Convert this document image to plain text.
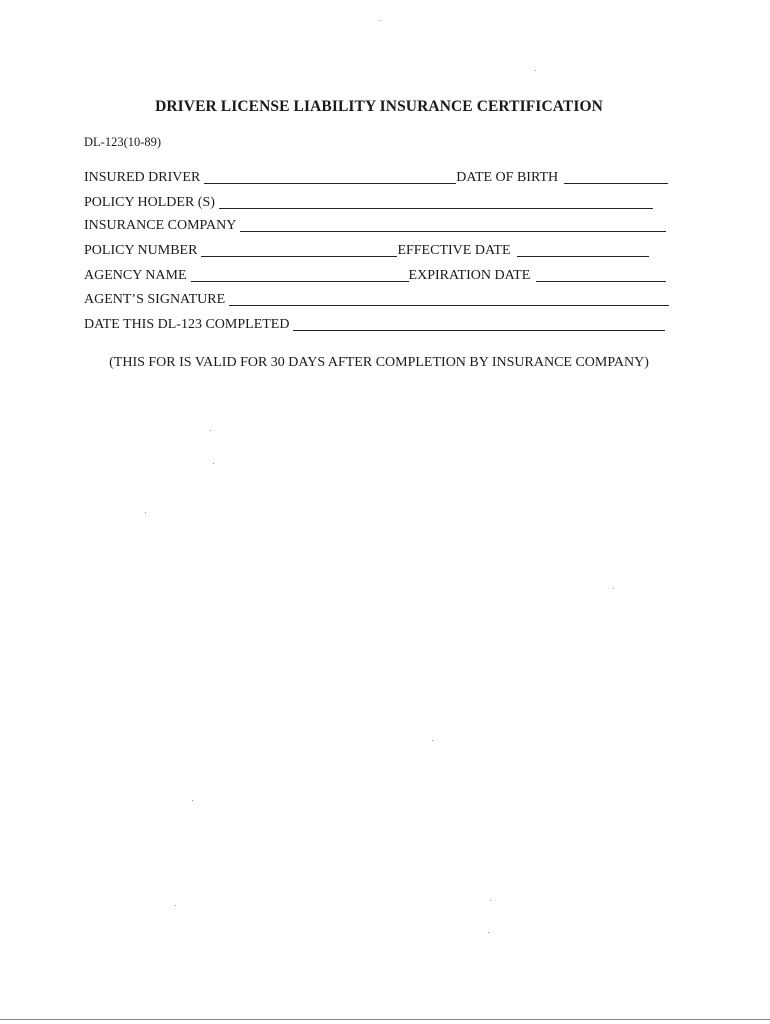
DRIVER LICENSE LIABILITY INSURANCE CERTIFICATION
DL-123(10-89)
INSURED DRIVER	DATE OF BIRTH
POLICY HOLDER (S)
INSURANCE COMPANY
POLICY NUMBER	EFFECTIVE DATE
AGENCY NAME	EXPIRATION DATE
AGENT’S SIGNATURE
DATE THIS DL-123 COMPLETED
(THIS FOR IS VALID FOR 30 DAYS AFTER COMPLETION BY INSURANCE COMPANY)
